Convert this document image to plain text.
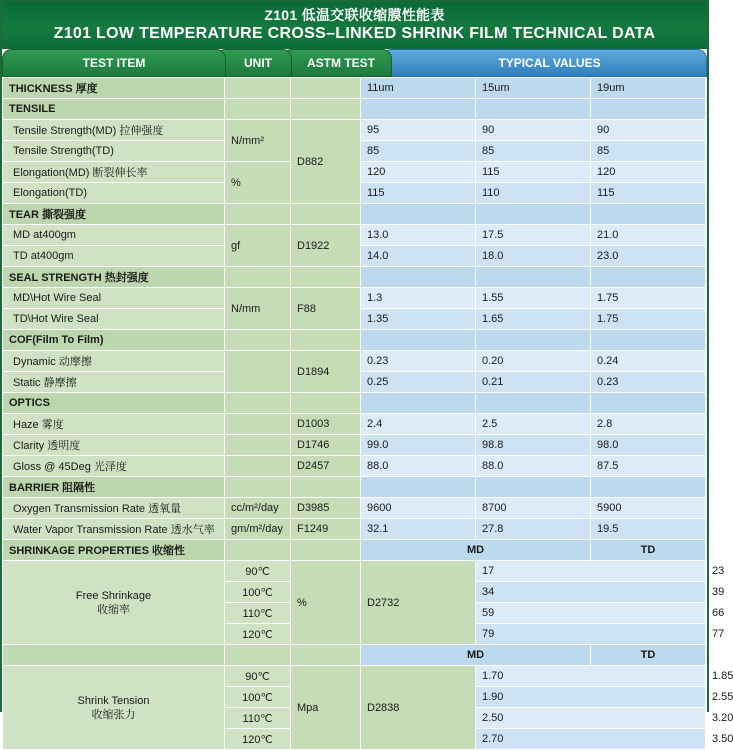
Z101 低温交联收缩膜性能表
Z101 LOW TEMPERATURE CROSS–LINKED SHRINK FILM TECHNICAL DATA
TEST ITEM	UNIT	ASTM TEST	TYPICAL VALUES
THICKNESS 厚度			11um	15um	19um	
TENSILE						
Tensile Strength(MD) 拉伸强度	N/mm²	D882	95	90	90	
Tensile Strength(TD)			85	85	85	
Elongation(MD) 断裂伸长率	%		120	115	120	
Elongation(TD)			115	110	115	
TEAR 撕裂强度						
MD at400gm	gf	D1922	13.0	17.5	21.0	
TD at400gm			14.0	18.0	23.0	
SEAL STRENGTH 热封强度						
MD\Hot Wire Seal	N/mm	F88	1.3	1.55	1.75	
TD\Hot Wire Seal			1.35	1.65	1.75	
COF(Film To Film)						
Dynamic 动摩擦		D1894	0.23	0.20	0.24	
Static 静摩擦			0.25	0.21	0.23	
OPTICS						
Haze 雾度		D1003	2.4	2.5	2.8	
Clarity 透明度		D1746	99.0	98.8	98.0	
Gloss @ 45Deg 光泽度		D2457	88.0	88.0	87.5	
BARRIER 阻隔性						
Oxygen Transmission Rate 透氧量	cc/m²/day	D3985	9600	8700	5900	
Water Vapor Transmission Rate 透水气率	gm/m²/day	F1249	32.1	27.8	19.5	
SHRINKAGE PROPERTIES 收缩性			MD		TD	
Free Shrinkage
收缩率	90℃	%	D2732	17		23
	100℃			34		39
	110℃			59		66
	120℃			79		77
			MD		TD	
Shrink Tension
收缩张力	90℃	Mpa	D2838	1.70		1.85
	100℃			1.90		2.55
	110℃			2.50		3.20
	120℃			2.70		3.50
